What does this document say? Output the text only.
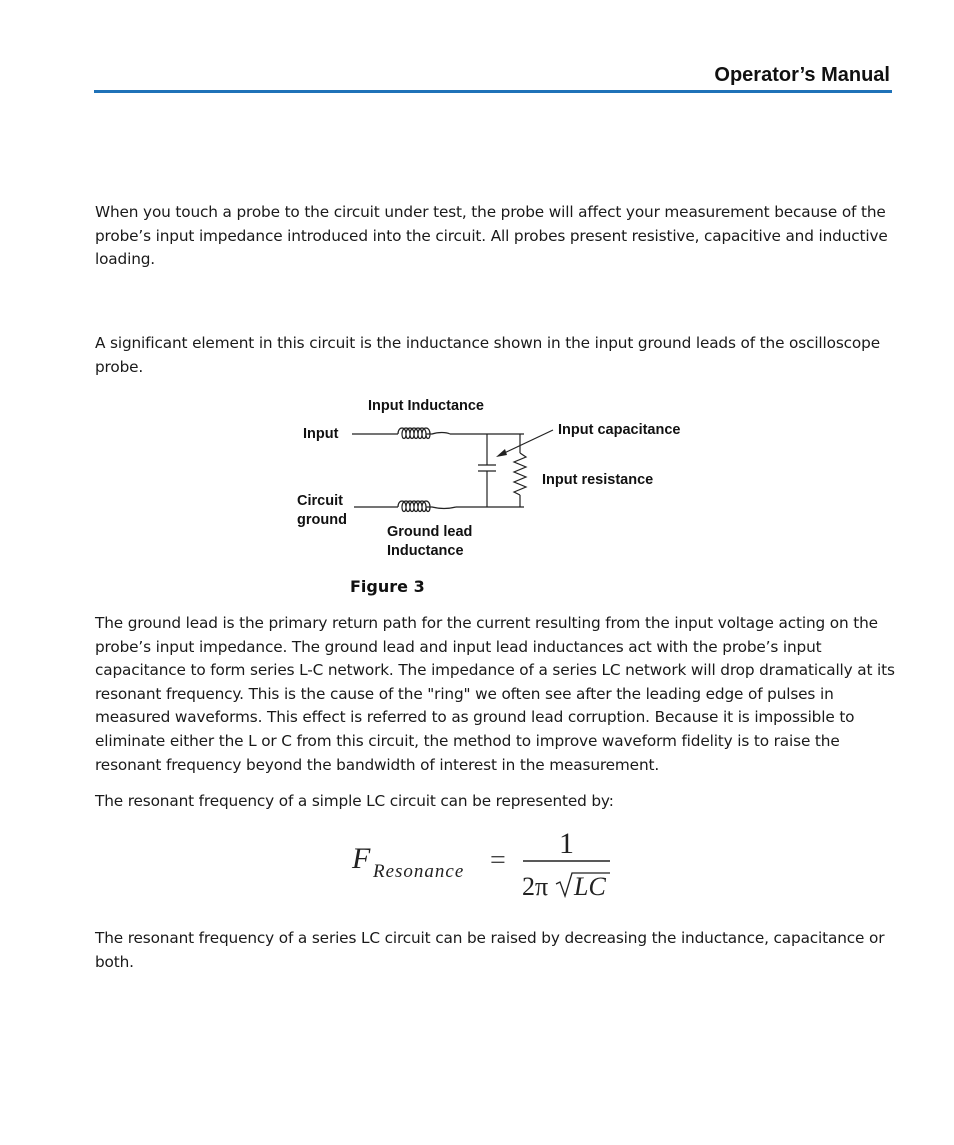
Operator’s Manual
When you touch a probe to the circuit under test, the probe will affect your measurement because of the probe’s input impedance introduced into the circuit. All probes present resistive, capacitive and inductive loading.
A significant element in this circuit is the inductance shown in the input ground leads of the oscilloscope probe.
Input Inductance
Input	Input capacitance
Input resistance
Circuit
ground
Ground lead
Inductance
Figure 3
The ground lead is the primary return path for the current resulting from the input voltage acting on the probe’s input impedance. The ground lead and input lead inductances act with the probe’s input capacitance to form series L-C network. The impedance of a series LC network will drop dramatically at its resonant frequency. This is the cause of the "ring" we often see after the leading edge of pulses in measured waveforms. This effect is referred to as ground lead corruption. Because it is impossible to eliminate either the L or C from this circuit, the method to improve waveform fidelity is to raise the resonant frequency beyond the bandwidth of interest in the measurement.
The resonant frequency of a simple LC circuit can be represented by:
F Resonance =
1
2π LC
The resonant frequency of a series LC circuit can be raised by decreasing the inductance, capacitance or both.
